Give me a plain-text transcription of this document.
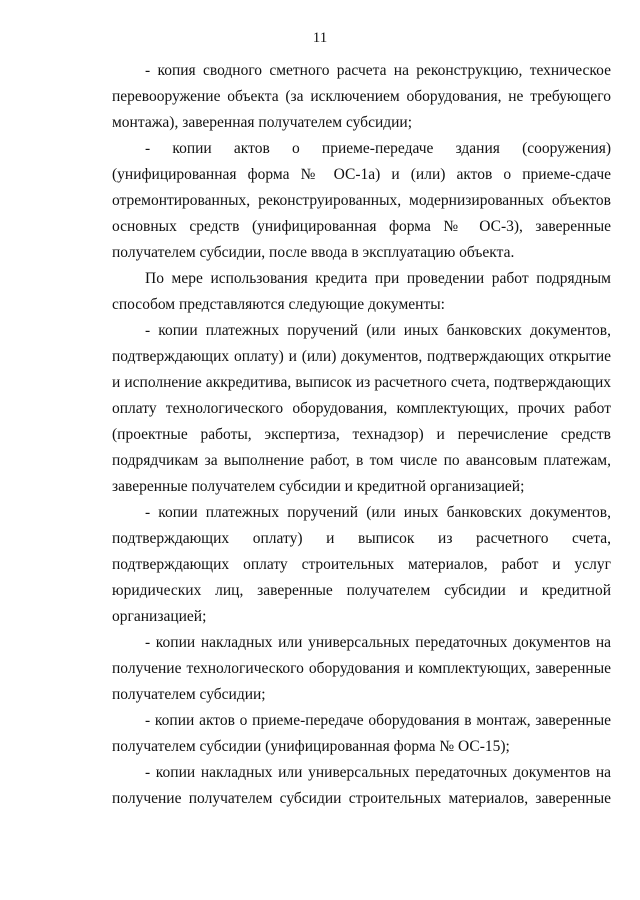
11

- копия сводного сметного расчета на реконструкцию, техническое перевооружение объекта (за исключением оборудования, не требующего монтажа), заверенная получателем субсидии;

- копии актов о приеме-передаче здания (сооружения) (унифицированная форма № ОС-1а) и (или) актов о приеме-сдаче отремонтированных, реконструированных, модернизированных объектов основных средств (унифицированная форма № ОС-3), заверенные получателем субсидии, после ввода в эксплуатацию объекта.

По мере использования кредита при проведении работ подрядным способом представляются следующие документы:

- копии платежных поручений (или иных банковских документов, подтверждающих оплату) и (или) документов, подтверждающих открытие и исполнение аккредитива, выписок из расчетного счета, подтверждающих оплату технологического оборудования, комплектующих, прочих работ (проектные работы, экспертиза, технадзор) и перечисление средств подрядчикам за выполнение работ, в том числе по авансовым платежам, заверенные получателем субсидии и кредитной организацией;

- копии платежных поручений (или иных банковских документов, подтверждающих оплату) и выписок из расчетного счета, подтверждающих оплату строительных материалов, работ и услуг юридических лиц, заверенные получателем субсидии и кредитной организацией;

- копии накладных или универсальных передаточных документов на получение технологического оборудования и комплектующих, заверенные получателем субсидии;

- копии актов о приеме-передаче оборудования в монтаж, заверенные получателем субсидии (унифицированная форма № ОС-15);

- копии накладных или универсальных передаточных документов на получение получателем субсидии строительных материалов, заверенные
